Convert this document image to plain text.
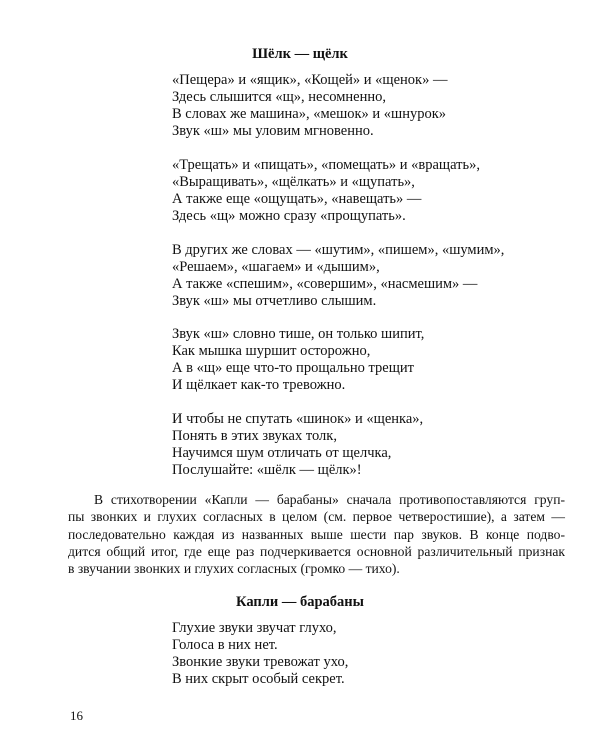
Шёлк — щёлк
«Пещера» и «ящик», «Кощей» и «щенок» —
Здесь слышится «щ», несомненно,
В словах же машина», «мешок» и «шнурок»
Звук «ш» мы уловим мгновенно.
«Трещать» и «пищать», «помещать» и «вращать»,
«Выращивать», «щёлкать» и «щупать»,
А также еще «ощущать», «навещать» —
Здесь «щ» можно сразу «прощупать».
В других же словах — «шутим», «пишем», «шумим»,
«Решаем», «шагаем» и «дышим»,
А также «спешим», «совершим», «насмешим» —
Звук «ш» мы отчетливо слышим.
Звук «ш» словно тише, он только шипит,
Как мышка шуршит осторожно,
А в «щ» еще что-то прощально трещит
И щёлкает как-то тревожно.
И чтобы не спутать «шинок» и «щенка»,
Понять в этих звуках толк,
Научимся шум отличать от щелчка,
Послушайте: «шёлк — щёлк»!
В стихотворении «Капли — барабаны» сначала противопоставляются груп-
пы звонких и глухих согласных в целом (см. первое четверостишие), а затем —
последовательно каждая из названных выше шести пар звуков. В конце подво-
дится общий итог, где еще раз подчеркивается основной различительный признак
в звучании звонких и глухих согласных (громко — тихо).
Капли — барабаны
Глухие звуки звучат глухо,
Голоса в них нет.
Звонкие звуки тревожат ухо,
В них скрыт особый секрет.
16
